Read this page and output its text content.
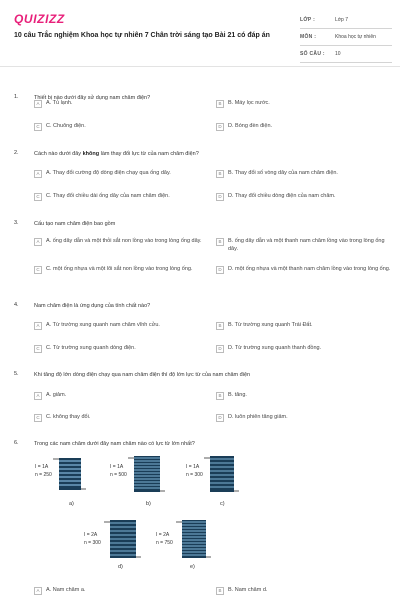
QUIZIZZ
10 câu Trắc nghiệm Khoa học tự nhiên 7 Chân trời sáng tạo Bài 21 có đáp án
LỚP :	Lớp 7
MÔN :	Khoa học tự nhiên
SỐ CÂU :	10
1.	Thiết bị nào dưới đây sử dụng nam châm điện?
A	A. Tủ lạnh.	B	B. Máy lọc nước.
C	C. Chuông điện.	D	D. Bóng đèn điện.
2.	Cách nào dưới đây không làm thay đổi lực từ của nam châm điện?
A	A. Thay đổi cường độ dòng điện chạy qua ống dây.	B	B. Thay đổi số vòng dây của nam châm điện.
C	C. Thay đổi chiều dài ống dây của nam châm điện.	D	D. Thay đổi chiều dòng điện của nam châm.
3.	Cấu tạo nam châm điện bao gồm
A	A. ống dây dẫn và một thỏi sắt non lồng vào trong lòng ống dây.	B	B. ống dây dẫn và một thanh nam châm lồng vào trong lòng ống dây.
C	C. một ống nhựa và một lõi sắt non lồng vào trong lòng ống.	D	D. một ống nhựa và một thanh nam châm lồng vào trong lòng ống.
4.	Nam châm điện là ứng dụng của tính chất nào?
A	A. Từ trường xung quanh nam châm vĩnh cửu.	B	B. Từ trường xung quanh Trái Đất.
C	C. Từ trường xung quanh dòng điện.	D	D. Từ trường xung quanh thanh đồng.
5.	Khi tăng độ lớn dòng điện chạy qua nam châm điện thì độ lớn lực từ của nam châm điện
A	A. giảm.	B	B. tăng.
C	C. không thay đổi.	D	D. luôn phiên tăng giảm.
6.	Trong các nam châm dưới đây nam châm nào có lực từ lớn nhất?
I = 1A
n = 250
a)
I = 1A
n = 500
b)
I = 1A
n = 300
c)
I = 2A
n = 300
d)
I = 2A
n = 750
e)
A	A. Nam châm a.	B	B. Nam châm d.
